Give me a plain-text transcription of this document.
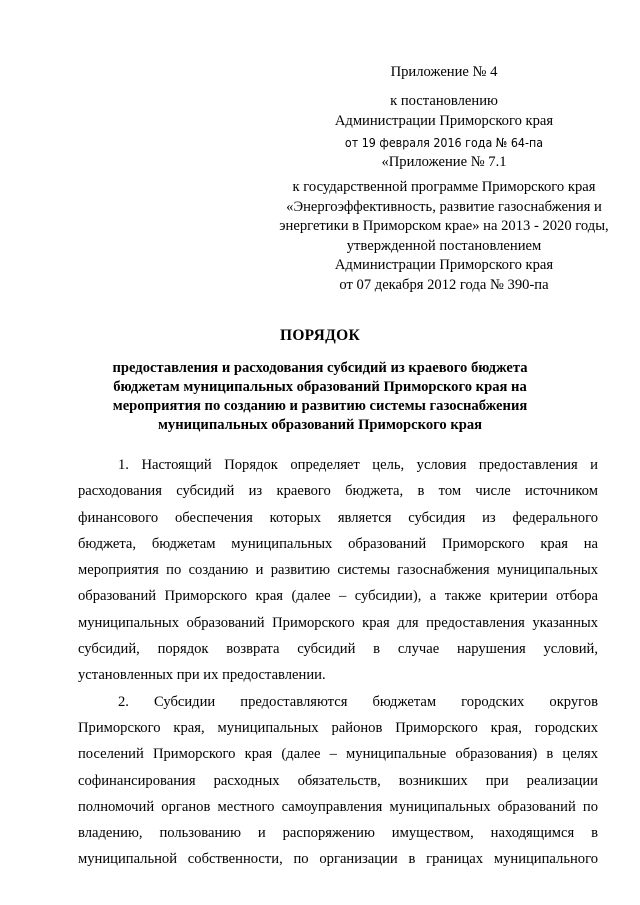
Приложение № 4
к постановлению
Администрации Приморского края
от 19 февраля 2016 года № 64-па
«Приложение № 7.1
к государственной программе Приморского края
«Энергоэффективность, развитие газоснабжения и
энергетики в Приморском крае» на 2013 - 2020 годы,
утвержденной постановлением
Администрации Приморского края
от 07 декабря 2012 года № 390-па
ПОРЯДОК
предоставления и расходования субсидий из краевого бюджета
бюджетам муниципальных образований Приморского края на
мероприятия по созданию и развитию системы газоснабжения
муниципальных образований Приморского края
1. Настоящий Порядок определяет цель, условия предоставления и
расходования субсидий из краевого бюджета, в том числе источником
финансового обеспечения которых является субсидия из федерального
бюджета, бюджетам муниципальных образований Приморского края на
мероприятия по созданию и развитию системы газоснабжения муниципальных
образований Приморского края (далее – субсидии), а также критерии отбора
муниципальных образований Приморского края для предоставления указанных
субсидий, порядок возврата субсидий в случае нарушения условий,
установленных при их предоставлении.
2. Субсидии предоставляются бюджетам городских округов
Приморского края, муниципальных районов Приморского края, городских
поселений Приморского края (далее – муниципальные образования) в целях
софинансирования расходных обязательств, возникших при реализации
полномочий органов местного самоуправления муниципальных образований по
владению, пользованию и распоряжению имуществом, находящимся в
муниципальной собственности, по организации в границах муниципального
